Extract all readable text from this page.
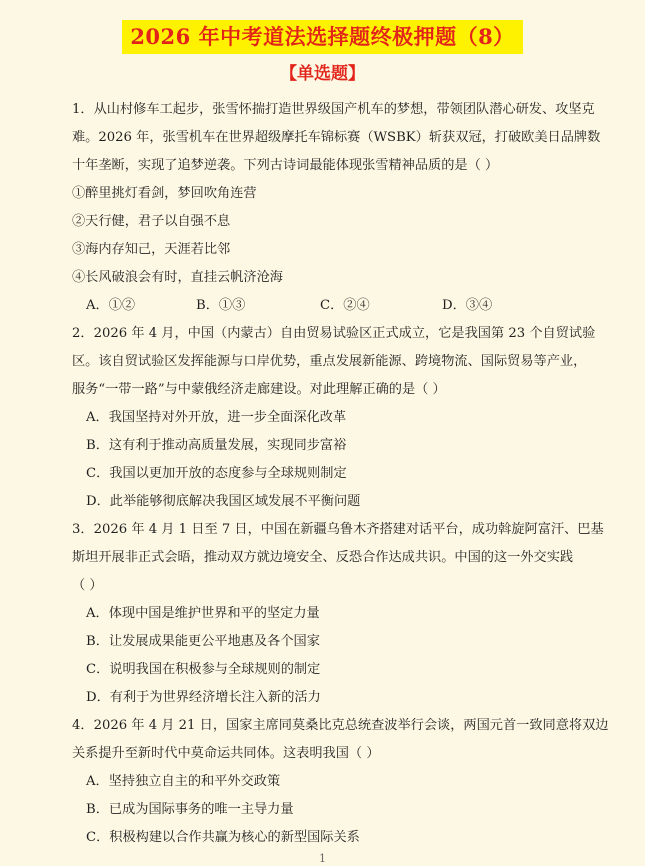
2026 年中考道法选择题终极押题（8）
【单选题】
1．从山村修车工起步，张雪怀揣打造世界级国产机车的梦想，带领团队潜心研发、攻坚克
难。2026 年，张雪机车在世界超级摩托车锦标赛（WSBK）斩获双冠，打破欧美日品牌数
十年垄断，实现了追梦逆袭。下列古诗词最能体现张雪精神品质的是（ ）
①醉里挑灯看剑，梦回吹角连营
②天行健，君子以自强不息
③海内存知己，天涯若比邻
④长风破浪会有时，直挂云帆济沧海
A．①②	B．①③	C．②④	D．③④
2．2026 年 4 月，中国（内蒙古）自由贸易试验区正式成立，它是我国第 23 个自贸试验
区。该自贸试验区发挥能源与口岸优势，重点发展新能源、跨境物流、国际贸易等产业，
服务“一带一路”与中蒙俄经济走廊建设。对此理解正确的是（ ）
A．我国坚持对外开放，进一步全面深化改革
B．这有利于推动高质量发展，实现同步富裕
C．我国以更加开放的态度参与全球规则制定
D．此举能够彻底解决我国区域发展不平衡问题
3．2026 年 4 月 1 日至 7 日，中国在新疆乌鲁木齐搭建对话平台，成功斡旋阿富汗、巴基
斯坦开展非正式会晤，推动双方就边境安全、反恐合作达成共识。中国的这一外交实践
（ ）
A．体现中国是维护世界和平的坚定力量
B．让发展成果能更公平地惠及各个国家
C．说明我国在积极参与全球规则的制定
D．有利于为世界经济增长注入新的活力
4．2026 年 4 月 21 日，国家主席同莫桑比克总统查波举行会谈，两国元首一致同意将双边
关系提升至新时代中莫命运共同体。这表明我国（ ）
A．坚持独立自主的和平外交政策
B．已成为国际事务的唯一主导力量
C．积极构建以合作共赢为核心的新型国际关系
1
